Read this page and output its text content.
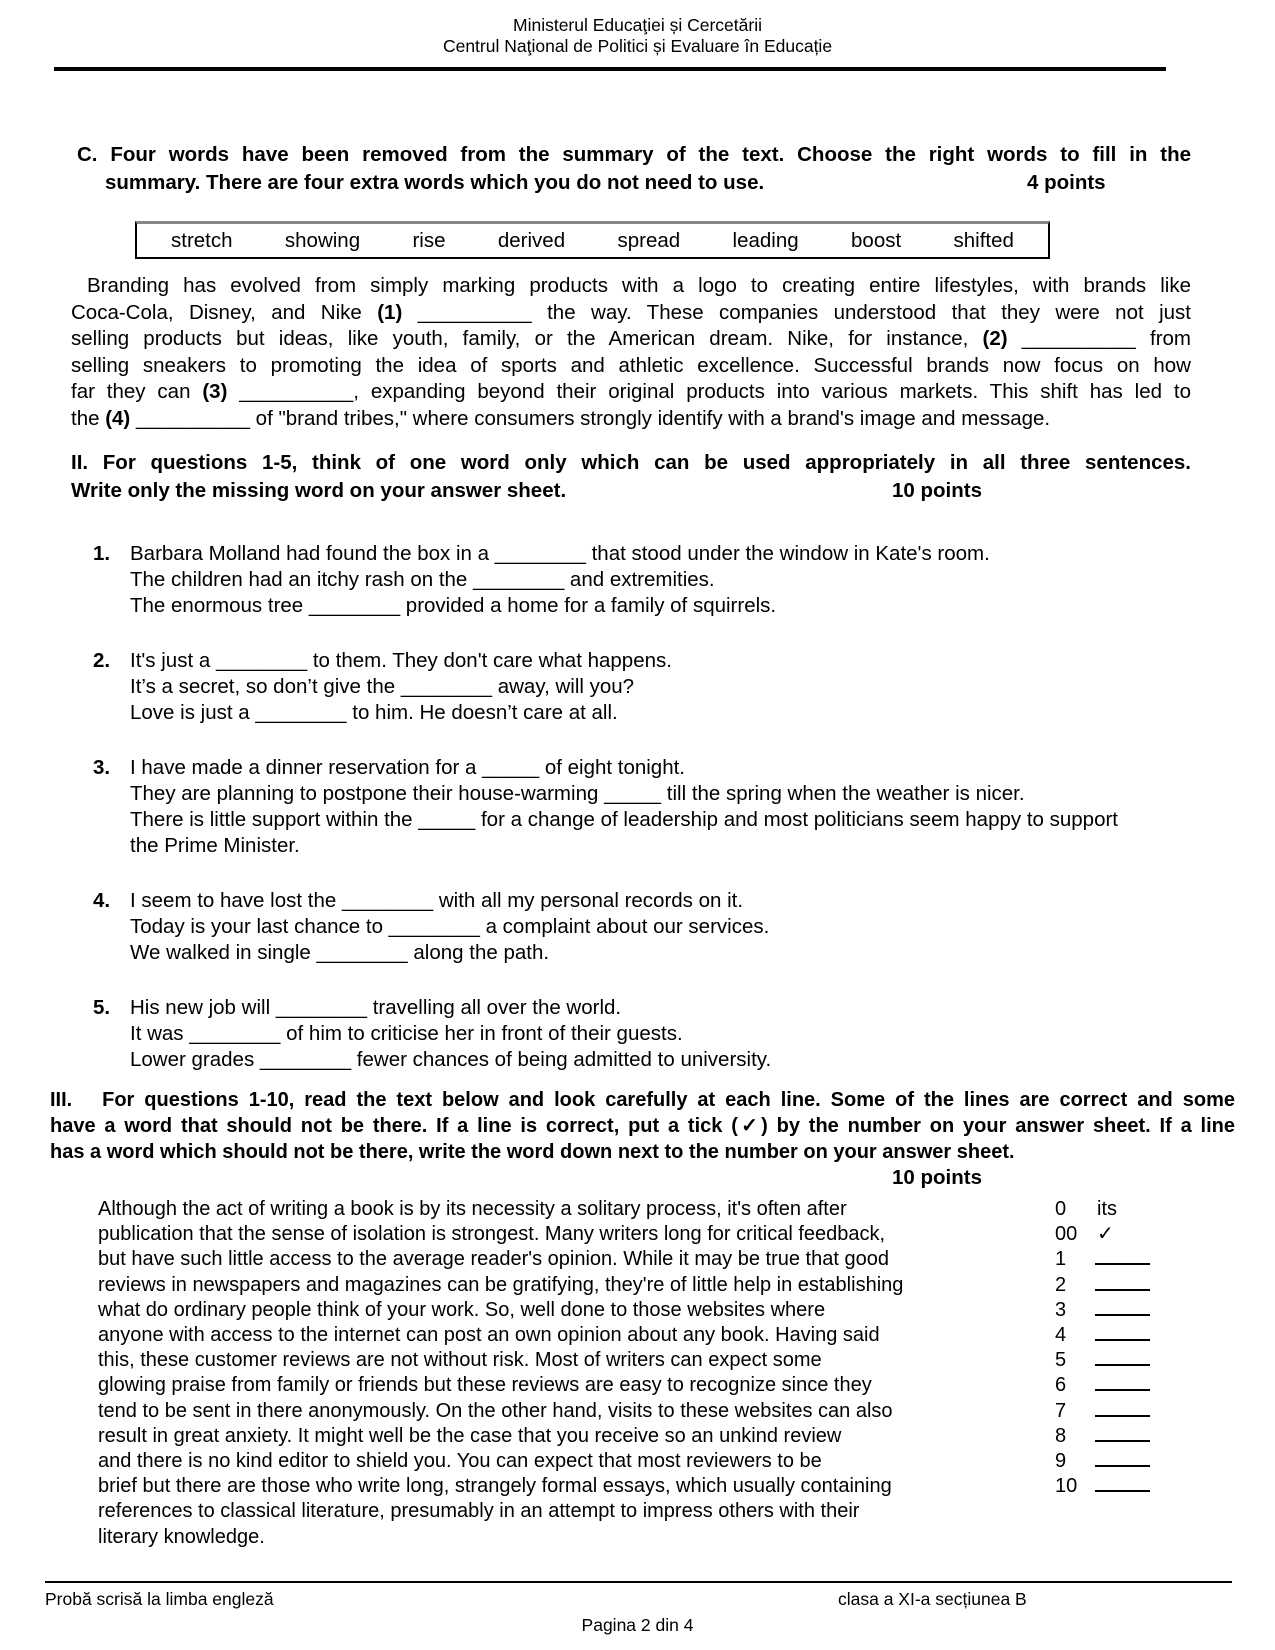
Ministerul Educaţiei și Cercetării
Centrul Naţional de Politici și Evaluare în Educație
C. Four words have been removed from the summary of the text. Choose the right words to fill in the
summary. There are four extra words which you do not need to use.	4 points
stretch	showing	rise	derived	spread	leading	boost	shifted
Branding has evolved from simply marking products with a logo to creating entire lifestyles, with brands like
Coca-Cola, Disney, and Nike (1) __________ the way. These companies understood that they were not just
selling products but ideas, like youth, family, or the American dream. Nike, for instance, (2) __________ from
selling sneakers to promoting the idea of sports and athletic excellence. Successful brands now focus on how
far they can (3) __________, expanding beyond their original products into various markets. This shift has led to
the (4) __________ of "brand tribes," where consumers strongly identify with a brand's image and message.
II. For questions 1-5, think of one word only which can be used appropriately in all three sentences.
Write only the missing word on your answer sheet.	10 points
1. Barbara Molland had found the box in a ________ that stood under the window in Kate's room.
The children had an itchy rash on the ________ and extremities.
The enormous tree ________ provided a home for a family of squirrels.
2. It's just a ________ to them. They don't care what happens.
It’s a secret, so don’t give the ________ away, will you?
Love is just a ________ to him. He doesn’t care at all.
3. I have made a dinner reservation for a _____ of eight tonight.
They are planning to postpone their house-warming _____ till the spring when the weather is nicer.
There is little support within the _____ for a change of leadership and most politicians seem happy to support the Prime Minister.
4. I seem to have lost the ________ with all my personal records on it.
Today is your last chance to ________ a complaint about our services.
We walked in single ________ along the path.
5. His new job will ________ travelling all over the world.
It was ________ of him to criticise her in front of their guests.
Lower grades ________ fewer chances of being admitted to university.
III.   For questions 1-10, read the text below and look carefully at each line. Some of the lines are correct and some
have a word that should not be there. If a line is correct, put a tick (✓) by the number on your answer sheet. If a line
has a word which should not be there, write the word down next to the number on your answer sheet.
10 points
Although the act of writing a book is by its necessity a solitary process, it's often after	0	its
publication that the sense of isolation is strongest. Many writers long for critical feedback,	00 ✓
but have such little access to the average reader's opinion. While it may be true that good	1
reviews in newspapers and magazines can be gratifying, they're of little help in establishing	2
what do ordinary people think of your work. So, well done to those websites where	3
anyone with access to the internet can post an own opinion about any book. Having said	4
this, these customer reviews are not without risk. Most of writers can expect some	5
glowing praise from family or friends but these reviews are easy to recognize since they	6
tend to be sent in there anonymously. On the other hand, visits to these websites can also	7
result in great anxiety. It might well be the case that you receive so an unkind review	8
and there is no kind editor to shield you. You can expect that most reviewers to be	9
brief but there are those who write long, strangely formal essays, which usually containing	10
references to classical literature, presumably in an attempt to impress others with their
literary knowledge.
Probă scrisă la limba engleză	clasa a XI-a secțiunea B
Pagina 2 din 4
